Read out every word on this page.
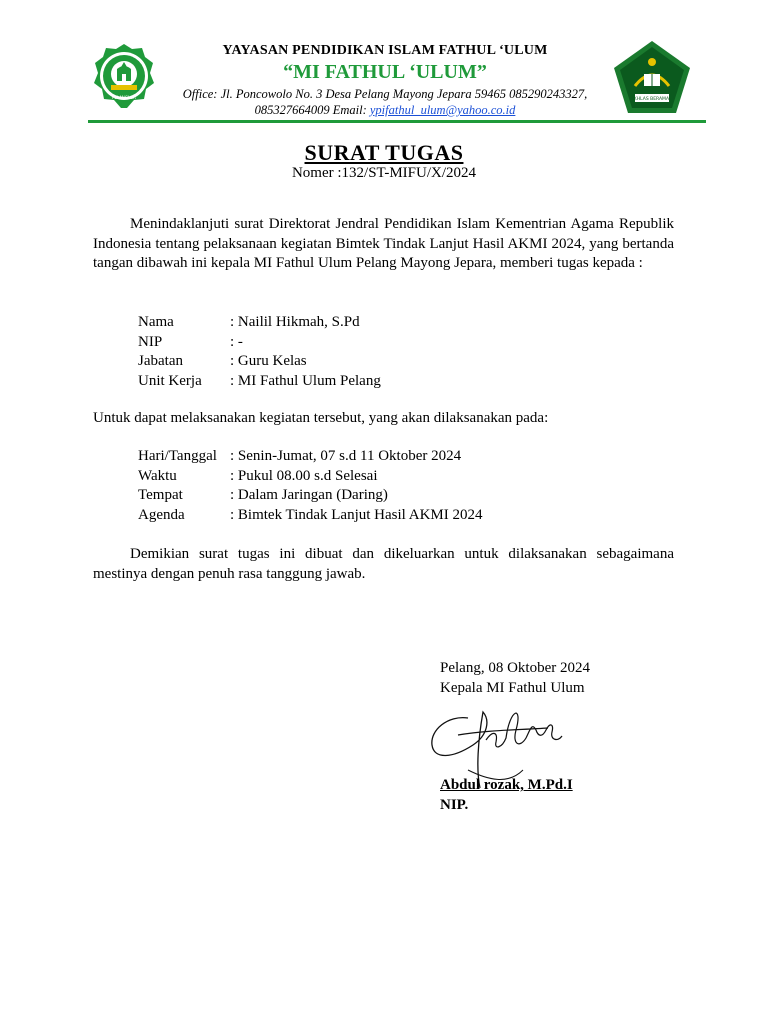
PELANGLOR
YAYASAN PENDIDIKAN ISLAM FATHUL ‘ULUM
“MI FATHUL ‘ULUM”
Office: Jl. Poncowolo No. 3 Desa Pelang Mayong Jepara 59465 085290243327, 085327664009 Email: ypifathul_ulum@yahoo.co.id
IKHLAS BERAMAL
SURAT TUGAS
Nomer :132/ST-MIFU/X/2024
Menindaklanjuti surat Direktorat Jendral Pendidikan Islam Kementrian Agama Republik Indonesia tentang pelaksanaan kegiatan Bimtek Tindak Lanjut Hasil AKMI 2024, yang bertanda tangan dibawah ini kepala MI Fathul Ulum Pelang Mayong Jepara, memberi tugas kepada :
Nama	: Nailil Hikmah, S.Pd
NIP	: -
Jabatan	: Guru Kelas
Unit Kerja	: MI Fathul Ulum Pelang
Untuk dapat melaksanakan kegiatan tersebut, yang akan dilaksanakan pada:
Hari/Tanggal	: Senin-Jumat, 07 s.d 11 Oktober 2024
Waktu	: Pukul 08.00 s.d Selesai
Tempat	: Dalam Jaringan (Daring)
Agenda	: Bimtek Tindak Lanjut Hasil AKMI 2024
Demikian surat tugas ini dibuat dan dikeluarkan untuk dilaksanakan sebagaimana mestinya dengan penuh rasa tanggung jawab.
Pelang, 08 Oktober 2024
Kepala MI Fathul Ulum
Abdul rozak, M.Pd.I
NIP.
